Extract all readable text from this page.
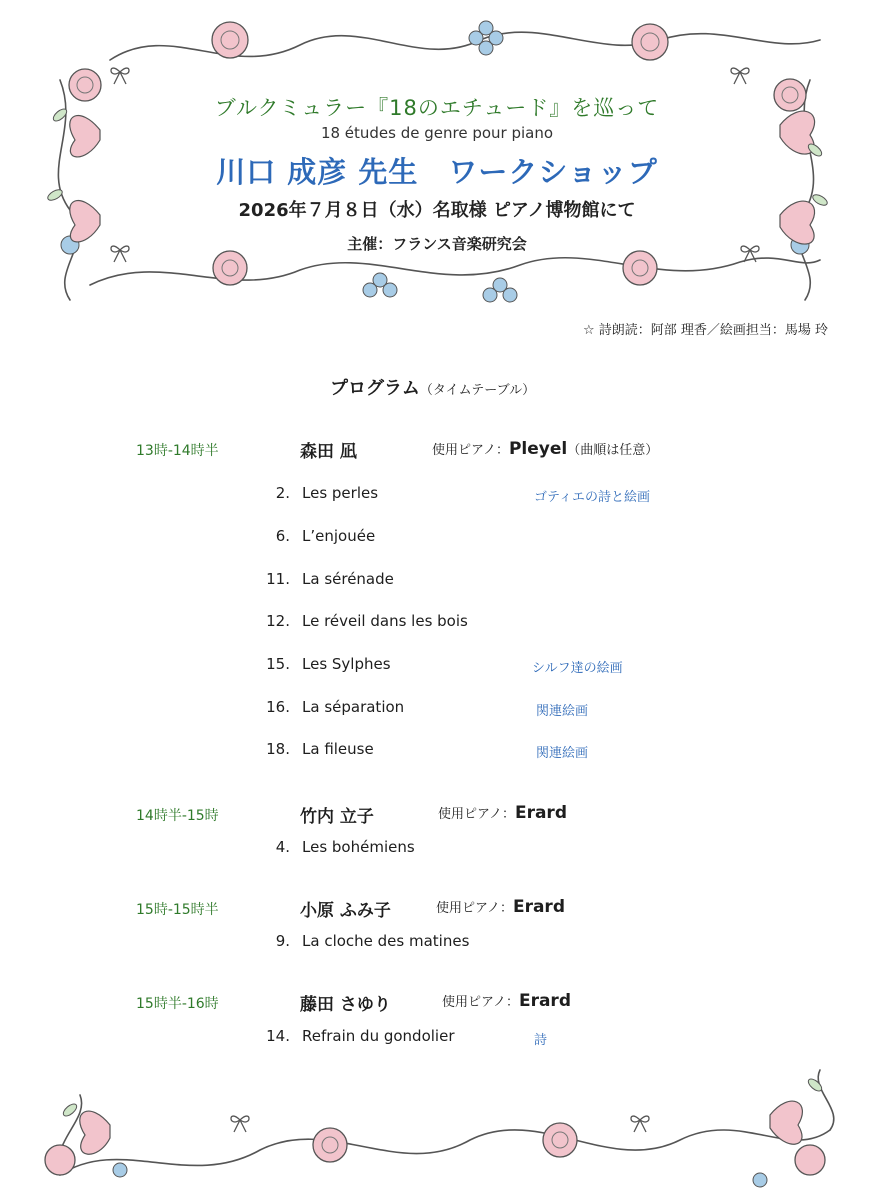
ブルクミュラー『18のエチュード』を巡って
18 études de genre pour piano
川口 成彦 先生　ワークショップ
2026年７月８日（水）名取様 ピアノ博物館にて
主催：フランス音楽研究会
☆ 詩朗読：阿部 理香／絵画担当：馬場 玲
プログラム（タイムテーブル）
13時-14時半	森田 凪	使用ピアノ：Pleyel（曲順は任意）
2. Les perles	ゴティエの詩と絵画
6. L’enjouée
11. La sérénade
12. Le réveil dans les bois
15. Les Sylphes	シルフ達の絵画
16. La séparation	関連絵画
18. La fileuse	関連絵画
14時半-15時	竹内 立子	使用ピアノ：Erard
4. Les bohémiens
15時-15時半	小原 ふみ子	使用ピアノ：Erard
9. La cloche des matines
15時半-16時	藤田 さゆり	使用ピアノ：Erard
14. Refrain du gondolier	詩
